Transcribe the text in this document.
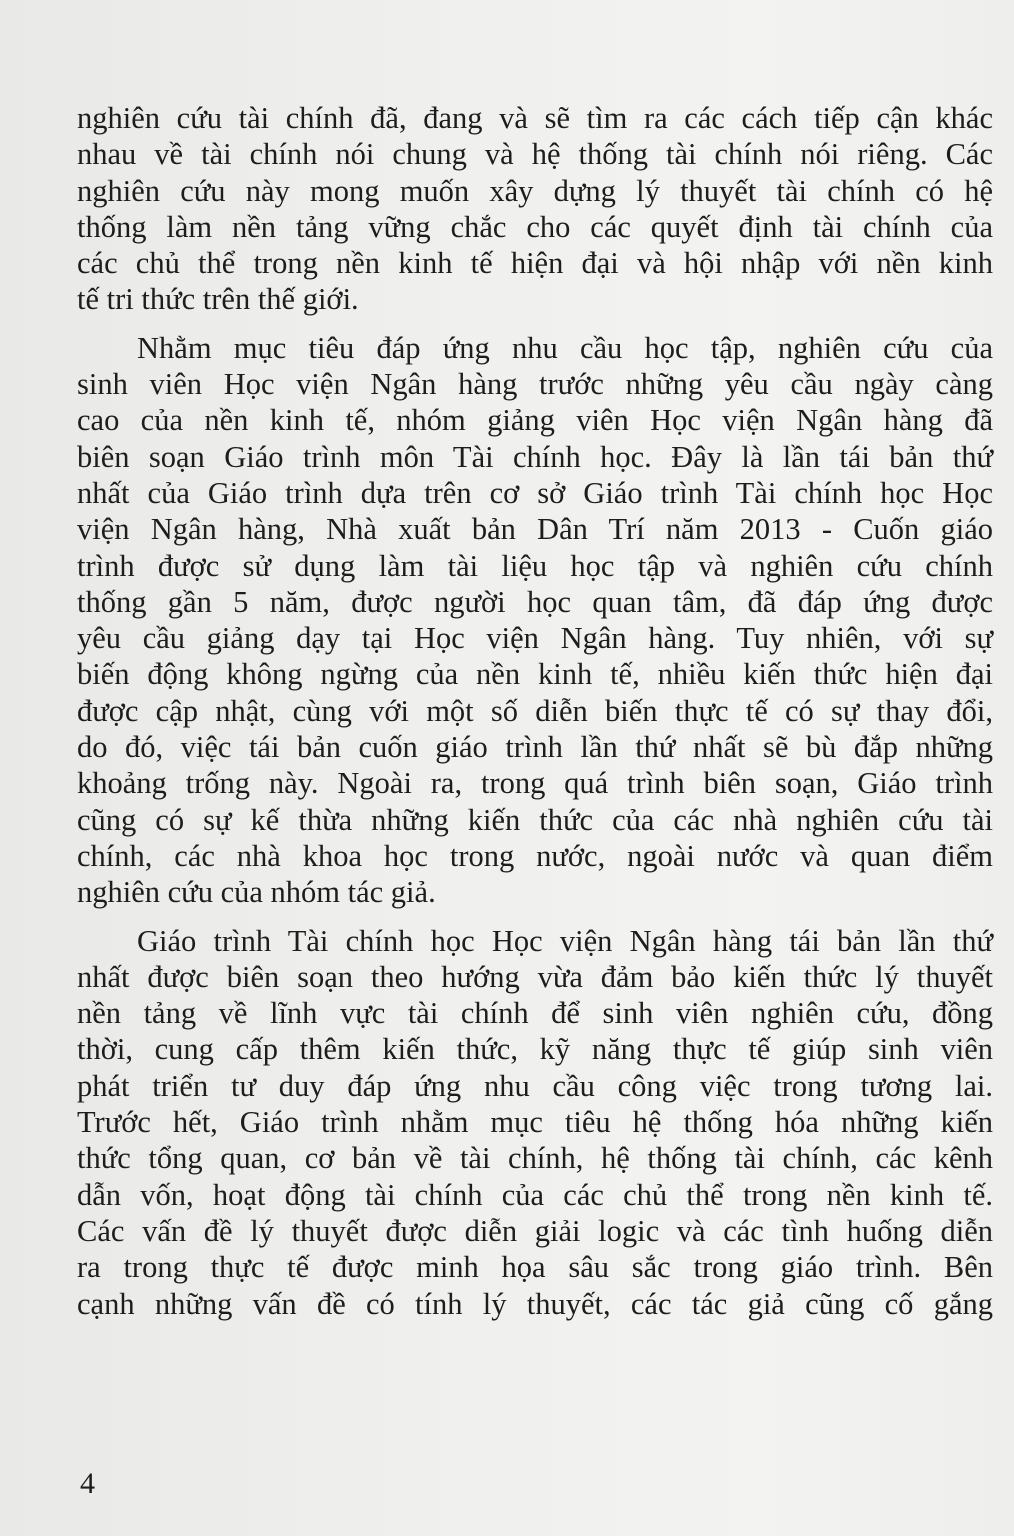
nghiên cứu tài chính đã, đang và sẽ tìm ra các cách tiếp cận khác
nhau về tài chính nói chung và hệ thống tài chính nói riêng. Các
nghiên cứu này mong muốn xây dựng lý thuyết tài chính có hệ
thống làm nền tảng vững chắc cho các quyết định tài chính của
các chủ thể trong nền kinh tế hiện đại và hội nhập với nền kinh
tế tri thức trên thế giới.

Nhằm mục tiêu đáp ứng nhu cầu học tập, nghiên cứu của
sinh viên Học viện Ngân hàng trước những yêu cầu ngày càng
cao của nền kinh tế, nhóm giảng viên Học viện Ngân hàng đã
biên soạn Giáo trình môn Tài chính học. Đây là lần tái bản thứ
nhất của Giáo trình dựa trên cơ sở Giáo trình Tài chính học Học
viện Ngân hàng, Nhà xuất bản Dân Trí năm 2013 - Cuốn giáo
trình được sử dụng làm tài liệu học tập và nghiên cứu chính
thống gần 5 năm, được người học quan tâm, đã đáp ứng được
yêu cầu giảng dạy tại Học viện Ngân hàng. Tuy nhiên, với sự
biến động không ngừng của nền kinh tế, nhiều kiến thức hiện đại
được cập nhật, cùng với một số diễn biến thực tế có sự thay đổi,
do đó, việc tái bản cuốn giáo trình lần thứ nhất sẽ bù đắp những
khoảng trống này. Ngoài ra, trong quá trình biên soạn, Giáo trình
cũng có sự kế thừa những kiến thức của các nhà nghiên cứu tài
chính, các nhà khoa học trong nước, ngoài nước và quan điểm
nghiên cứu của nhóm tác giả.

Giáo trình Tài chính học Học viện Ngân hàng tái bản lần thứ
nhất được biên soạn theo hướng vừa đảm bảo kiến thức lý thuyết
nền tảng về lĩnh vực tài chính để sinh viên nghiên cứu, đồng
thời, cung cấp thêm kiến thức, kỹ năng thực tế giúp sinh viên
phát triển tư duy đáp ứng nhu cầu công việc trong tương lai.
Trước hết, Giáo trình nhằm mục tiêu hệ thống hóa những kiến
thức tổng quan, cơ bản về tài chính, hệ thống tài chính, các kênh
dẫn vốn, hoạt động tài chính của các chủ thể trong nền kinh tế.
Các vấn đề lý thuyết được diễn giải logic và các tình huống diễn
ra trong thực tế được minh họa sâu sắc trong giáo trình. Bên
cạnh những vấn đề có tính lý thuyết, các tác giả cũng cố gắng

4
